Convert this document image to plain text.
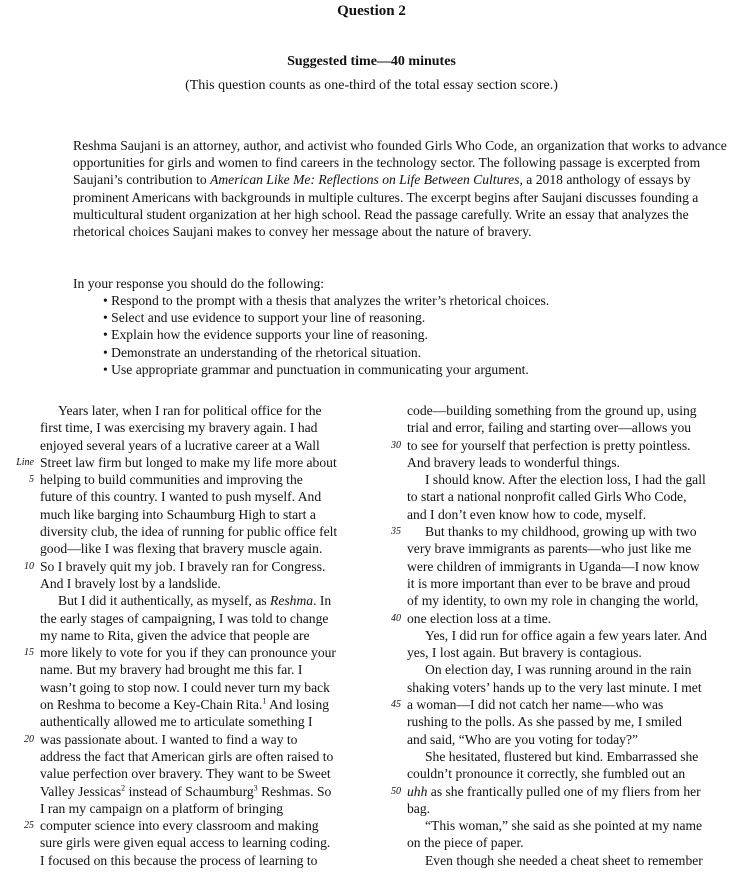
Question 2
Suggested time—40 minutes
(This question counts as one-third of the total essay section score.)

Reshma Saujani is an attorney, author, and activist who founded Girls Who Code, an organization that works to advance opportunities for girls and women to find careers in the technology sector. The following passage is excerpted from Saujani’s contribution to American Like Me: Reflections on Life Between Cultures, a 2018 anthology of essays by prominent Americans with backgrounds in multiple cultures. The excerpt begins after Saujani discusses founding a multicultural student organization at her high school. Read the passage carefully. Write an essay that analyzes the rhetorical choices Saujani makes to convey her message about the nature of bravery.

In your response you should do the following:

• Respond to the prompt with a thesis that analyzes the writer’s rhetorical choices.
• Select and use evidence to support your line of reasoning.
• Explain how the evidence supports your line of reasoning.
• Demonstrate an understanding of the rhetorical situation.
• Use appropriate grammar and punctuation in communicating your argument.
Years later, when I ran for political office for the
first time, I was exercising my bravery again. I had
enjoyed several years of a lucrative career at a Wall
Street law firm but longed to make my life more about
helping to build communities and improving the
future of this country. I wanted to push myself. And
much like barging into Schaumburg High to start a
diversity club, the idea of running for public office felt
good—like I was flexing that bravery muscle again.
So I bravely quit my job. I bravely ran for Congress.
And I bravely lost by a landslide.
But I did it authentically, as myself, as Reshma. In
the early stages of campaigning, I was told to change
my name to Rita, given the advice that people are
more likely to vote for you if they can pronounce your
name. But my bravery had brought me this far. I
wasn’t going to stop now. I could never turn my back
on Reshma to become a Key-Chain Rita.$^1$ And losing
authentically allowed me to articulate something I
was passionate about. I wanted to find a way to
address the fact that American girls are often raised to
value perfection over bravery. They want to be Sweet
Valley Jessicas$^2$ instead of Schaumburg$^3$ Reshmas. So
I ran my campaign on a platform of bringing
computer science into every classroom and making
sure girls were given equal access to learning coding.
I focused on this because the process of learning to
code—building something from the ground up, using
trial and error, failing and starting over—allows you
to see for yourself that perfection is pretty pointless.
And bravery leads to wonderful things.
I should know. After the election loss, I had the gall
to start a national nonprofit called Girls Who Code,
and I don’t even know how to code, myself.
But thanks to my childhood, growing up with two
very brave immigrants as parents—who just like me
were children of immigrants in Uganda—I now know
it is more important than ever to be brave and proud
of my identity, to own my role in changing the world,
one election loss at a time.
Yes, I did run for office again a few years later. And
yes, I lost again. But bravery is contagious.
On election day, I was running around in the rain
shaking voters’ hands up to the very last minute. I met
a woman—I did not catch her name—who was
rushing to the polls. As she passed by me, I smiled
and said, “Who are you voting for today?”
She hesitated, flustered but kind. Embarrassed she
couldn’t pronounce it correctly, she fumbled out an
uhh as she frantically pulled one of my fliers from her
bag.
“This woman,” she said as she pointed at my name
on the piece of paper.
Even though she needed a cheat sheet to remember
Line
5
10
15
20
25
30
35
40
45
50
